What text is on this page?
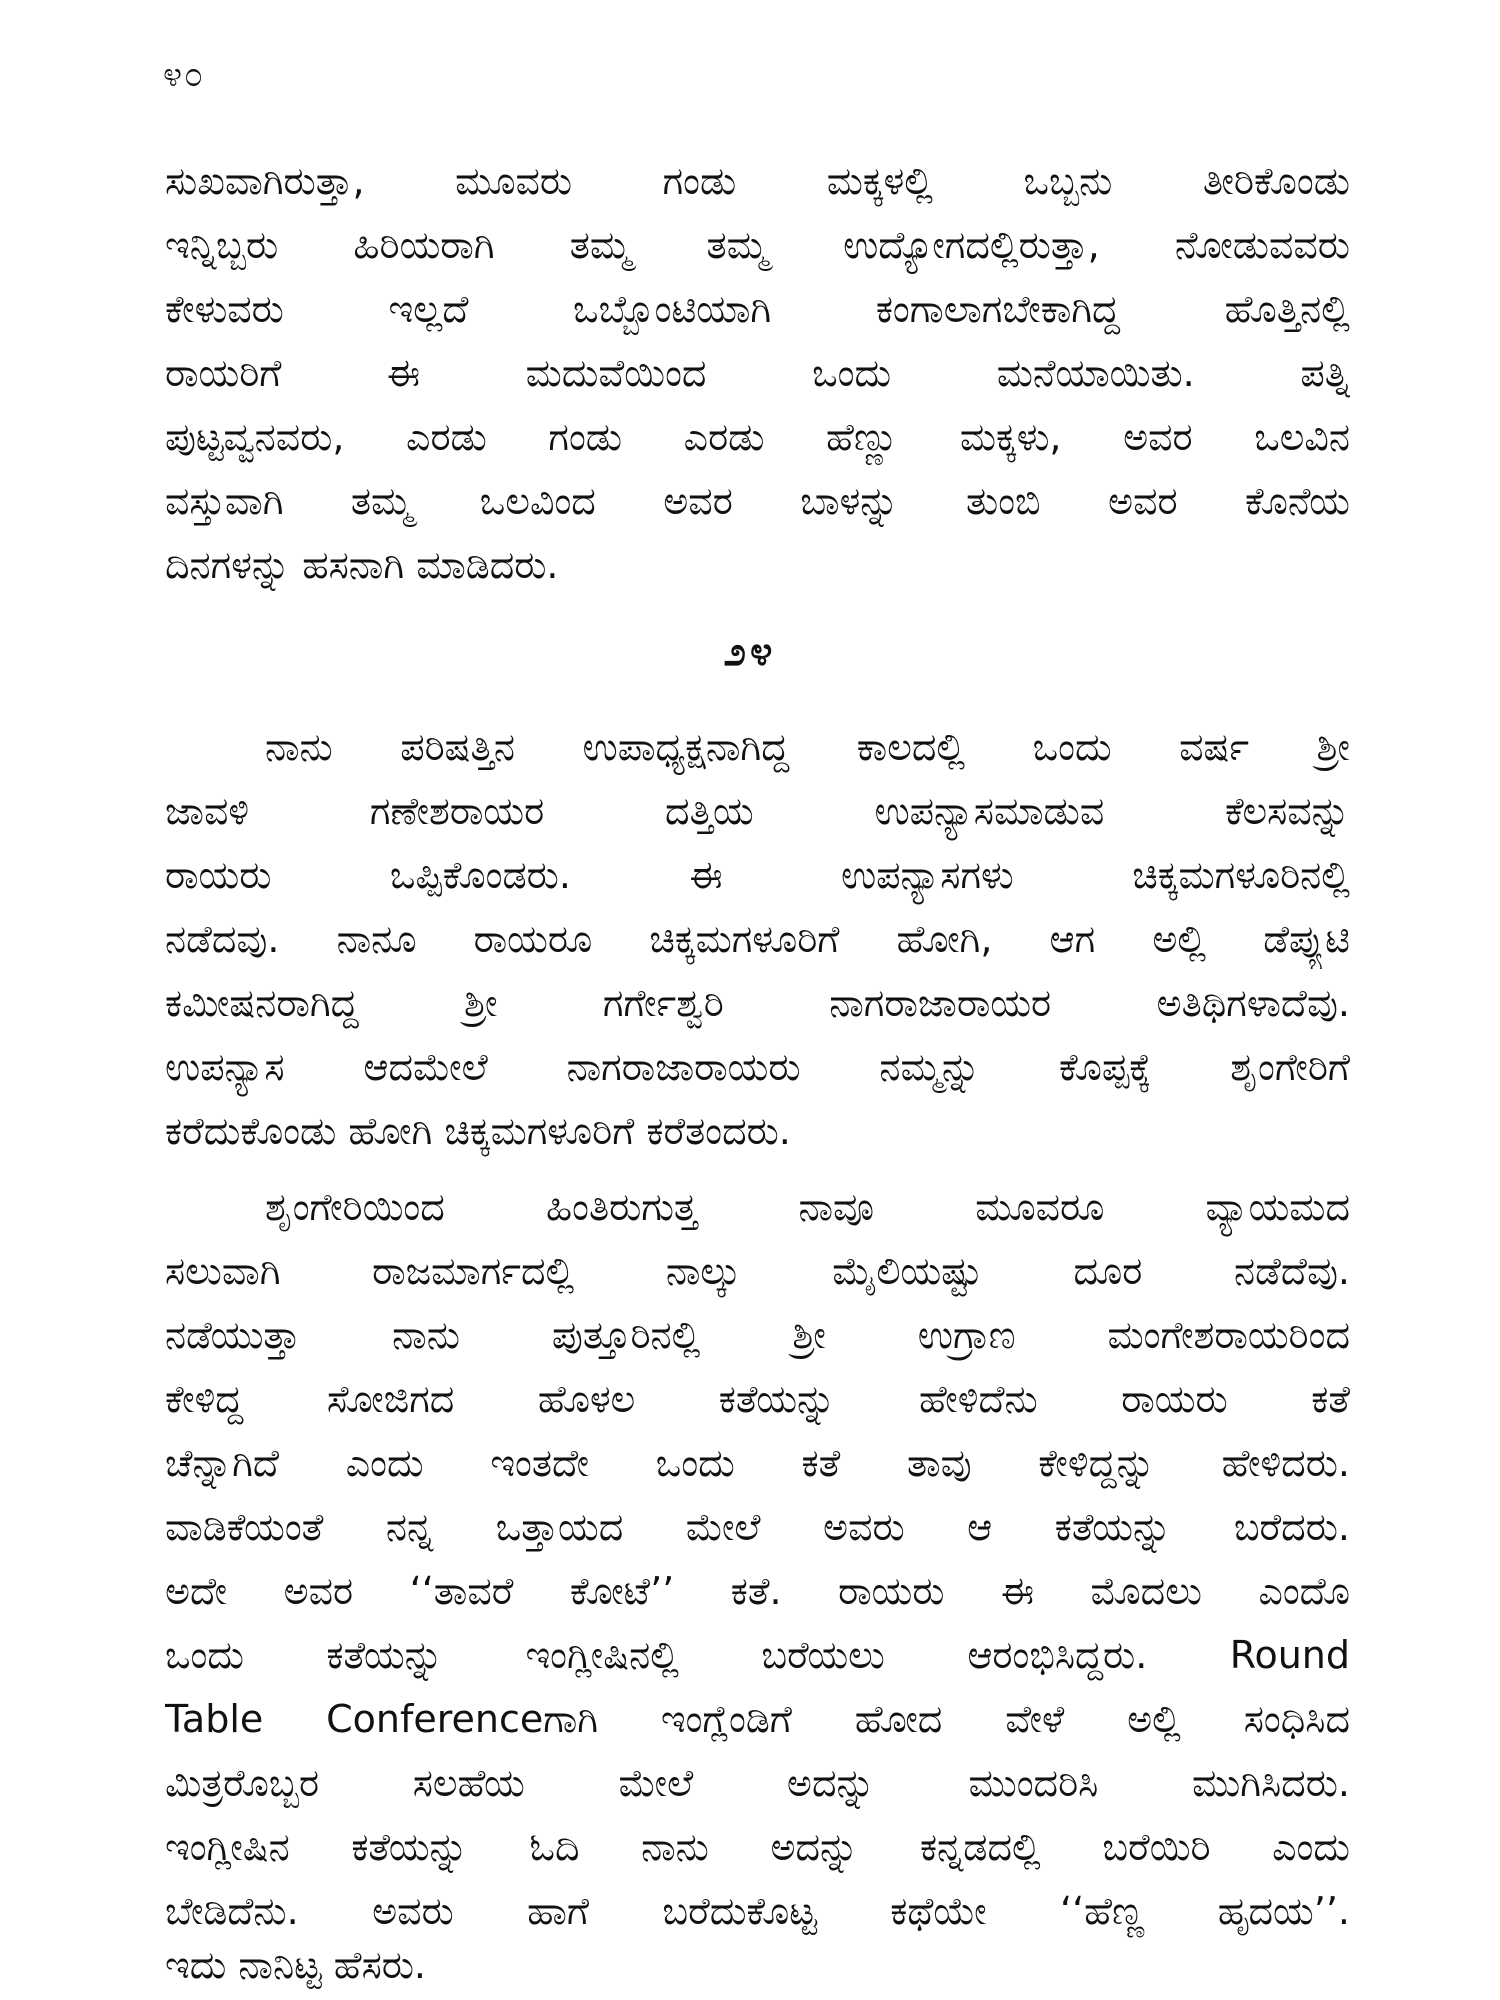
೪೦
ಸುಖವಾಗಿರುತ್ತಾ, ಮೂವರು ಗಂಡು ಮಕ್ಕಳಲ್ಲಿ ಒಬ್ಬನು ತೀರಿಕೊಂಡು
ಇನ್ನಿಬ್ಬರು ಹಿರಿಯರಾಗಿ ತಮ್ಮ ತಮ್ಮ ಉದ್ಯೋಗದಲ್ಲಿರುತ್ತಾ, ನೋಡುವವರು
ಕೇಳುವರು ಇಲ್ಲದೆ ಒಬ್ಬೊಂಟಿಯಾಗಿ ಕಂಗಾಲಾಗಬೇಕಾಗಿದ್ದ ಹೊತ್ತಿನಲ್ಲಿ
ರಾಯರಿಗೆ ಈ ಮದುವೆಯಿಂದ ಒಂದು ಮನೆಯಾಯಿತು. ಪತ್ನಿ
ಪುಟ್ಟವ್ವನವರು, ಎರಡು ಗಂಡು ಎರಡು ಹೆಣ್ಣು ಮಕ್ಕಳು, ಅವರ ಒಲವಿನ
ವಸ್ತುವಾಗಿ ತಮ್ಮ ಒಲವಿಂದ ಅವರ ಬಾಳನ್ನು ತುಂಬಿ ಅವರ ಕೊನೆಯ
ದಿನಗಳನ್ನು ಹಸನಾಗಿ ಮಾಡಿದರು.
೨೪
ನಾನು ಪರಿಷತ್ತಿನ ಉಪಾಧ್ಯಕ್ಷನಾಗಿದ್ದ ಕಾಲದಲ್ಲಿ ಒಂದು ವರ್ಷ ಶ್ರೀ
ಜಾವಳಿ ಗಣೇಶರಾಯರ ದತ್ತಿಯ ಉಪನ್ಯಾಸಮಾಡುವ ಕೆಲಸವನ್ನು
ರಾಯರು ಒಪ್ಪಿಕೊಂಡರು. ಈ ಉಪನ್ಯಾಸಗಳು ಚಿಕ್ಕಮಗಳೂರಿನಲ್ಲಿ
ನಡೆದವು. ನಾನೂ ರಾಯರೂ ಚಿಕ್ಕಮಗಳೂರಿಗೆ ಹೋಗಿ, ಆಗ ಅಲ್ಲಿ ಡೆಪ್ಯುಟಿ
ಕಮೀಷನರಾಗಿದ್ದ ಶ್ರೀ ಗರ್ಗೇಶ್ವರಿ ನಾಗರಾಜಾರಾಯರ ಅತಿಥಿಗಳಾದೆವು.
ಉಪನ್ಯಾಸ ಆದಮೇಲೆ ನಾಗರಾಜಾರಾಯರು ನಮ್ಮನ್ನು ಕೊಪ್ಪಕ್ಕೆ ಶೃಂಗೇರಿಗೆ
ಕರೆದುಕೊಂಡು ಹೋಗಿ ಚಿಕ್ಕಮಗಳೂರಿಗೆ ಕರೆತಂದರು.
ಶೃಂಗೇರಿಯಿಂದ ಹಿಂತಿರುಗುತ್ತ ನಾವೂ ಮೂವರೂ ವ್ಯಾಯಮದ
ಸಲುವಾಗಿ ರಾಜಮಾರ್ಗದಲ್ಲಿ ನಾಲ್ಕು ಮೈಲಿಯಷ್ಟು ದೂರ ನಡೆದೆವು.
ನಡೆಯುತ್ತಾ ನಾನು ಪುತ್ತೂರಿನಲ್ಲಿ ಶ್ರೀ ಉಗ್ರಾಣ ಮಂಗೇಶರಾಯರಿಂದ
ಕೇಳಿದ್ದ ಸೋಜಿಗದ ಹೊಳಲ ಕತೆಯನ್ನು ಹೇಳಿದೆನು ರಾಯರು ಕತೆ
ಚೆನ್ನಾಗಿದೆ ಎಂದು ಇಂತದೇ ಒಂದು ಕತೆ ತಾವು ಕೇಳಿದ್ದನ್ನು ಹೇಳಿದರು.
ವಾಡಿಕೆಯಂತೆ ನನ್ನ ಒತ್ತಾಯದ ಮೇಲೆ ಅವರು ಆ ಕತೆಯನ್ನು ಬರೆದರು.
ಅದೇ ಅವರ ‘‘ತಾವರೆ ಕೋಟೆ’’ ಕತೆ. ರಾಯರು ಈ ಮೊದಲು ಎಂದೊ
ಒಂದು ಕತೆಯನ್ನು ಇಂಗ್ಲೀಷಿನಲ್ಲಿ ಬರೆಯಲು ಆರಂಭಿಸಿದ್ದರು. Round
Table Conferenceಗಾಗಿ ಇಂಗ್ಲೆಂಡಿಗೆ ಹೋದ ವೇಳೆ ಅಲ್ಲಿ ಸಂಧಿಸಿದ
ಮಿತ್ರರೊಬ್ಬರ ಸಲಹೆಯ ಮೇಲೆ ಅದನ್ನು ಮುಂದರಿಸಿ ಮುಗಿಸಿದರು.
ಇಂಗ್ಲೀಷಿನ ಕತೆಯನ್ನು ಓದಿ ನಾನು ಅದನ್ನು ಕನ್ನಡದಲ್ಲಿ ಬರೆಯಿರಿ ಎಂದು
ಬೇಡಿದೆನು. ಅವರು ಹಾಗೆ ಬರೆದುಕೊಟ್ಟ ಕಥೆಯೇ ‘‘ಹೆಣ್ಣ ಹೃದಯ’’.
ಇದು ನಾನಿಟ್ಟ ಹೆಸರು.
